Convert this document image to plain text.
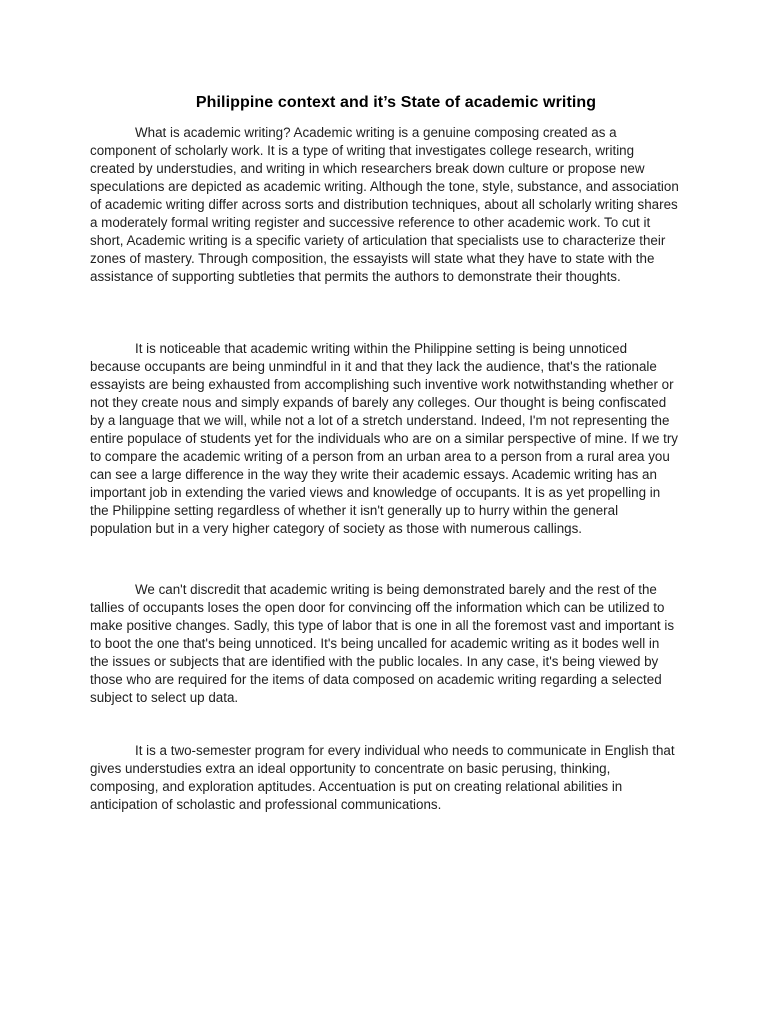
Philippine context and it’s State of academic writing

What is academic writing? Academic writing is a genuine composing created as a component of scholarly work. It is a type of writing that investigates college research, writing created by understudies, and writing in which researchers break down culture or propose new speculations are depicted as academic writing. Although the tone, style, substance, and association of academic writing differ across sorts and distribution techniques, about all scholarly writing shares a moderately formal writing register and successive reference to other academic work. To cut it short, Academic writing is a specific variety of articulation that specialists use to characterize their zones of mastery. Through composition, the essayists will state what they have to state with the assistance of supporting subtleties that permits the authors to demonstrate their thoughts.

It is noticeable that academic writing within the Philippine setting is being unnoticed because occupants are being unmindful in it and that they lack the audience, that's the rationale essayists are being exhausted from accomplishing such inventive work notwithstanding whether or not they create nous and simply expands of barely any colleges. Our thought is being confiscated by a language that we will, while not a lot of a stretch understand. Indeed, I'm not representing the entire populace of students yet for the individuals who are on a similar perspective of mine. If we try to compare the academic writing of a person from an urban area to a person from a rural area you can see a large difference in the way they write their academic essays. Academic writing has an important job in extending the varied views and knowledge of occupants. It is as yet propelling in the Philippine setting regardless of whether it isn't generally up to hurry within the general population but in a very higher category of society as those with numerous callings.

We can't discredit that academic writing is being demonstrated barely and the rest of the tallies of occupants loses the open door for convincing off the information which can be utilized to make positive changes. Sadly, this type of labor that is one in all the foremost vast and important is to boot the one that's being unnoticed. It's being uncalled for academic writing as it bodes well in the issues or subjects that are identified with the public locales. In any case, it's being viewed by those who are required for the items of data composed on academic writing regarding a selected subject to select up data.

It is a two-semester program for every individual who needs to communicate in English that gives understudies extra an ideal opportunity to concentrate on basic perusing, thinking, composing, and exploration aptitudes. Accentuation is put on creating relational abilities in anticipation of scholastic and professional communications.
